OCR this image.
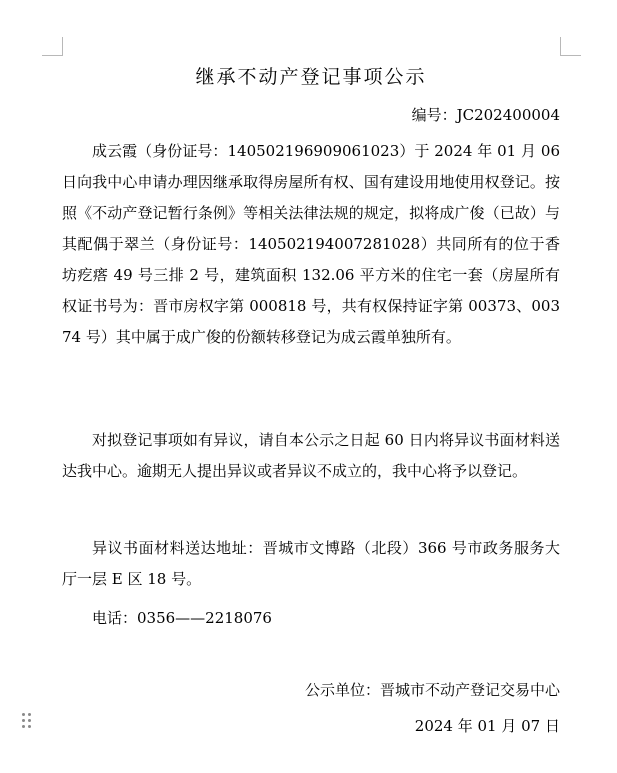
继承不动产登记事项公示
编号：JC202400004

成云霞（身份证号：140502196909061023）于 2024 年 01 月 06 日向我中心申请办理因继承取得房屋所有权、国有建设用地使用权登记。按照《不动产登记暂行条例》等相关法律法规的规定，拟将成广俊（已故）与其配偶于翠兰（身份证号：140502194007281028）共同所有的位于香坊疙瘩 49 号三排 2 号，建筑面积 132.06 平方米的住宅一套（房屋所有权证书号为：晋市房权字第 000818 号，共有权保持证字第 00373、00374 号）其中属于成广俊的份额转移登记为成云霞单独所有。

对拟登记事项如有异议，请自本公示之日起 60 日内将异议书面材料送达我中心。逾期无人提出异议或者异议不成立的，我中心将予以登记。

异议书面材料送达地址：晋城市文博路（北段）366 号市政务服务大厅一层 E 区 18 号。

电话：0356——2218076

公示单位：晋城市不动产登记交易中心
2024 年 01 月 07 日
